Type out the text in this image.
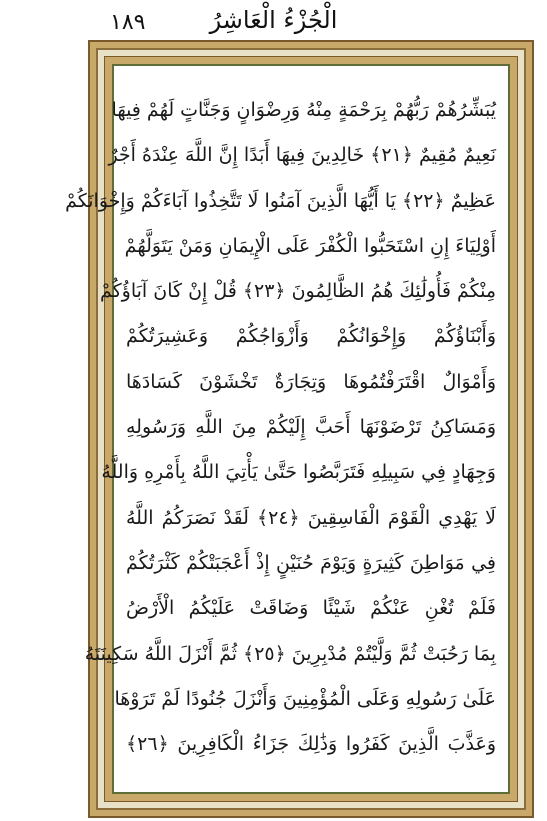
١٨٩	الْجُزْءُ الْعَاشِرُ
يُبَشِّرُهُمْ رَبُّهُمْ بِرَحْمَةٍ مِنْهُ وَرِضْوَانٍ وَجَنَّاتٍ لَهُمْ فِيهَا
نَعِيمٌ مُقِيمٌ ﴿٢١﴾ خَالِدِينَ فِيهَا أَبَدًا إِنَّ اللَّهَ عِنْدَهُ أَجْرٌ
عَظِيمٌ ﴿٢٢﴾ يَا أَيُّهَا الَّذِينَ آمَنُوا لَا تَتَّخِذُوا آبَاءَكُمْ وَإِخْوَانَكُمْ
أَوْلِيَاءَ إِنِ اسْتَحَبُّوا الْكُفْرَ عَلَى الْإِيمَانِ وَمَنْ يَتَوَلَّهُمْ
مِنْكُمْ فَأُولَٰئِكَ هُمُ الظَّالِمُونَ ﴿٢٣﴾ قُلْ إِنْ كَانَ آبَاؤُكُمْ
وَأَبْنَاؤُكُمْ وَإِخْوَانُكُمْ وَأَزْوَاجُكُمْ وَعَشِيرَتُكُمْ
وَأَمْوَالٌ اقْتَرَفْتُمُوهَا وَتِجَارَةٌ تَخْشَوْنَ كَسَادَهَا
وَمَسَاكِنُ تَرْضَوْنَهَا أَحَبَّ إِلَيْكُمْ مِنَ اللَّهِ وَرَسُولِهِ
وَجِهَادٍ فِي سَبِيلِهِ فَتَرَبَّصُوا حَتَّىٰ يَأْتِيَ اللَّهُ بِأَمْرِهِ وَاللَّهُ
لَا يَهْدِي الْقَوْمَ الْفَاسِقِينَ ﴿٢٤﴾ لَقَدْ نَصَرَكُمُ اللَّهُ
فِي مَوَاطِنَ كَثِيرَةٍ وَيَوْمَ حُنَيْنٍ إِذْ أَعْجَبَتْكُمْ كَثْرَتُكُمْ
فَلَمْ تُغْنِ عَنْكُمْ شَيْئًا وَضَاقَتْ عَلَيْكُمُ الْأَرْضُ
بِمَا رَحُبَتْ ثُمَّ وَلَّيْتُمْ مُدْبِرِينَ ﴿٢٥﴾ ثُمَّ أَنْزَلَ اللَّهُ سَكِينَتَهُ
عَلَىٰ رَسُولِهِ وَعَلَى الْمُؤْمِنِينَ وَأَنْزَلَ جُنُودًا لَمْ تَرَوْهَا
وَعَذَّبَ الَّذِينَ كَفَرُوا وَذَٰلِكَ جَزَاءُ الْكَافِرِينَ ﴿٢٦﴾
